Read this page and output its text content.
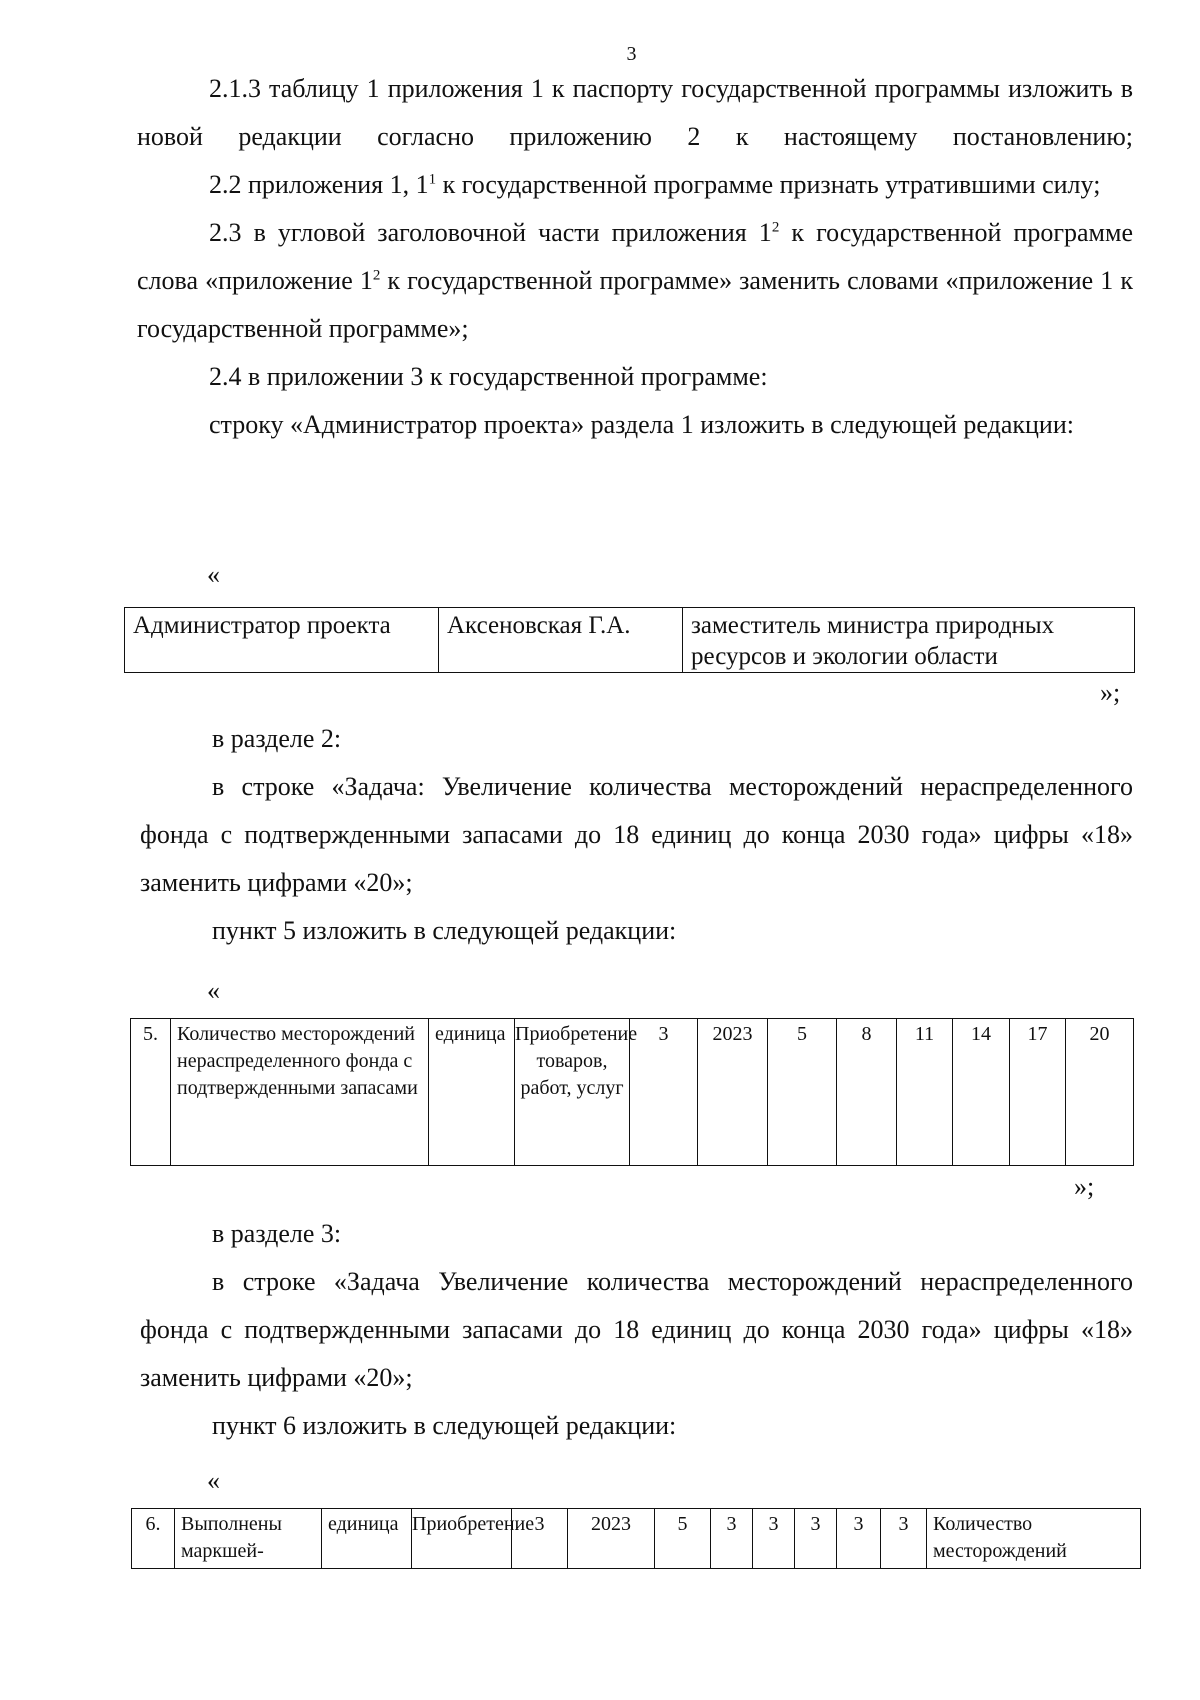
3

2.1.3 таблицу 1 приложения 1 к паспорту государственной программы изложить в новой редакции согласно приложению 2 к настоящему постановлению;

2.2 приложения 1, $1^1$ к государственной программе признать утратившими силу;

2.3 в угловой заголовочной части приложения $1^2$ к государственной программе слова «приложение $1^2$ к государственной программе» заменить словами «приложение 1 к государственной программе»;

2.4 в приложении 3 к государственной программе:

строку «Администратор проекта» раздела 1 изложить в следующей редакции:

«
Администратор проекта	Аксеновская Г.А.	заместитель министра природных ресурсов и экологии области
»;

в разделе 2:

в строке «Задача: Увеличение количества месторождений нераспределенного фонда с подтвержденными запасами до 18 единиц до конца 2030 года» цифры «18» заменить цифрами «20»;

пункт 5 изложить в следующей редакции:

«
5.	Количество месторождений нераспределенного фонда с подтвержденными запасами	единица	Приобретение товаров, работ, услуг	3	2023	5	8	11	14	17	20
»;

в разделе 3:

в строке «Задача Увеличение количества месторождений нераспределенного фонда с подтвержденными запасами до 18 единиц до конца 2030 года» цифры «18» заменить цифрами «20»;

пункт 6 изложить в следующей редакции:

«
6.	Выполнены маркшей-	единица	Приобретение	3	2023	5	3	3	3	3	3	Количество месторождений
